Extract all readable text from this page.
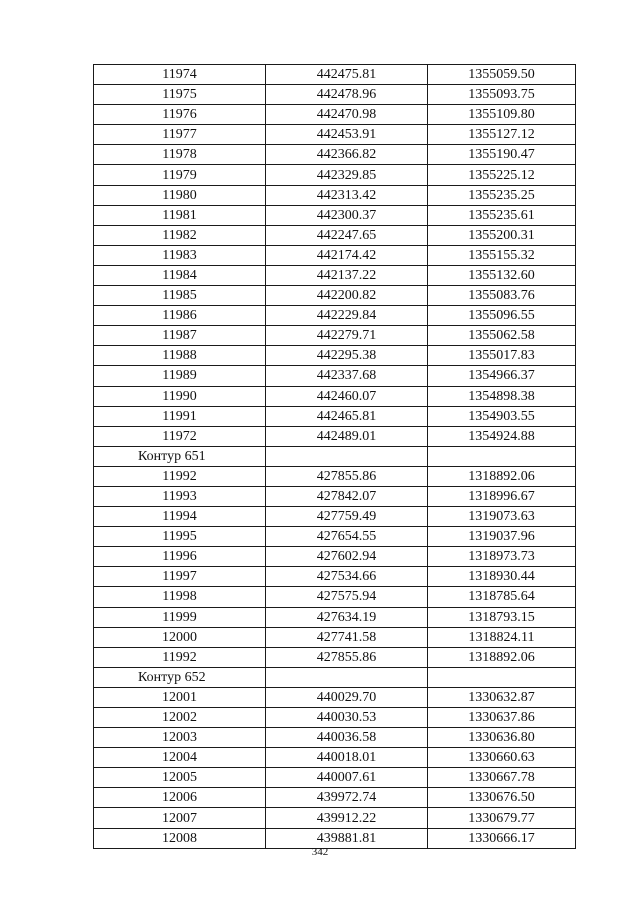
11974	442475.81	1355059.50
11975	442478.96	1355093.75
11976	442470.98	1355109.80
11977	442453.91	1355127.12
11978	442366.82	1355190.47
11979	442329.85	1355225.12
11980	442313.42	1355235.25
11981	442300.37	1355235.61
11982	442247.65	1355200.31
11983	442174.42	1355155.32
11984	442137.22	1355132.60
11985	442200.82	1355083.76
11986	442229.84	1355096.55
11987	442279.71	1355062.58
11988	442295.38	1355017.83
11989	442337.68	1354966.37
11990	442460.07	1354898.38
11991	442465.81	1354903.55
11972	442489.01	1354924.88
Контур 651		
11992	427855.86	1318892.06
11993	427842.07	1318996.67
11994	427759.49	1319073.63
11995	427654.55	1319037.96
11996	427602.94	1318973.73
11997	427534.66	1318930.44
11998	427575.94	1318785.64
11999	427634.19	1318793.15
12000	427741.58	1318824.11
11992	427855.86	1318892.06
Контур 652		
12001	440029.70	1330632.87
12002	440030.53	1330637.86
12003	440036.58	1330636.80
12004	440018.01	1330660.63
12005	440007.61	1330667.78
12006	439972.74	1330676.50
12007	439912.22	1330679.77
12008	439881.81	1330666.17
342
